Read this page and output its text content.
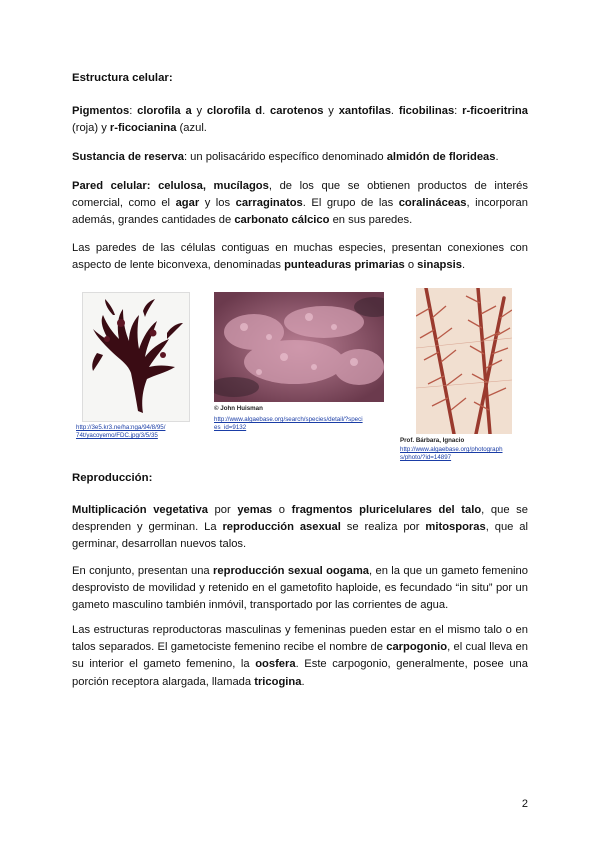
Estructura celular:
Pigmentos: clorofila a y clorofila d. carotenos y xantofilas. ficobilinas: r-ficoeritrina (roja) y r-ficocianina (azul.
Sustancia de reserva: un polisacárido específico denominado almidón de florideas.
Pared celular: celulosa, mucílagos, de los que se obtienen productos de interés comercial, como el agar y los carraginatos. El grupo de las coralináceas, incorporan además, grandes cantidades de carbonato cálcico en sus paredes.
Las paredes de las células contiguas en muchas especies, presentan conexiones con aspecto de lente biconvexa, denominadas punteaduras primarias o sinapsis.
http://3e5.kr3.ne/ha:nga/94/8/95/
74t/yacoyemo/FDC.jpg/3/5/35
© John Huisman
http://www.algaebase.org/search/species/detail/?speci
es_id=9132
Prof. Bárbara, Ignacio
http://www.algaebase.org/photograph
s/photo/?id=14897
Reproducción:
Multiplicación vegetativa por yemas o fragmentos pluricelulares del talo, que se desprenden y germinan. La reproducción asexual se realiza por mitosporas, que al germinar, desarrollan nuevos talos.
En conjunto, presentan una reproducción sexual oogama, en la que un gameto femenino desprovisto de movilidad y retenido en el gametofito haploide, es fecundado “in situ” por un gameto masculino también inmóvil, transportado por las corrientes de agua.
Las estructuras reproductoras masculinas y femeninas pueden estar en el mismo talo o en talos separados. El gametociste femenino recibe el nombre de carpogonio, el cual lleva en su interior el gameto femenino, la oosfera. Este carpogonio, generalmente, posee una porción receptora alargada, llamada tricogina.
2
